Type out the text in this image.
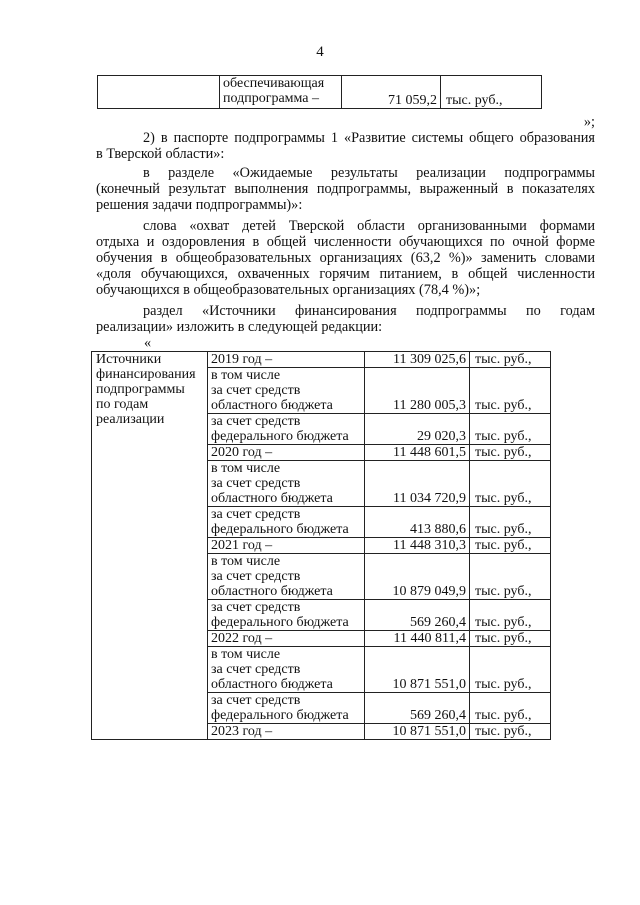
4

обеспечивающая
подпрограмма –	71 059,2	тыс. руб.,
»;
2) в паспорте подпрограммы 1 «Развитие системы общего образования
в Тверской области»:
в разделе «Ожидаемые результаты реализации подпрограммы
(конечный результат выполнения подпрограммы, выраженный в показателях
решения задачи подпрограммы)»:
слова «охват детей Тверской области организованными формами
отдыха и оздоровления в общей численности обучающихся по очной форме
обучения в общеобразовательных организациях (63,2 %)» заменить словами
«доля обучающихся, охваченных горячим питанием, в общей численности
обучающихся в общеобразовательных организациях (78,4 %)»;
раздел «Источники финансирования подпрограммы по годам
реализации» изложить в следующей редакции:
«
Источники
финансирования
подпрограммы
по годам
реализации	2019 год –	11 309 025,6	тыс. руб.,

	в том числе
за счет средств
областного бюджета	11 280 005,3	тыс. руб.,

	за счет средств
федерального бюджета	29 020,3	тыс. руб.,

	2020 год –	11 448 601,5	тыс. руб.,

	в том числе
за счет средств
областного бюджета	11 034 720,9	тыс. руб.,

	за счет средств
федерального бюджета	413 880,6	тыс. руб.,

	2021 год –	11 448 310,3	тыс. руб.,

	в том числе
за счет средств
областного бюджета	10 879 049,9	тыс. руб.,

	за счет средств
федерального бюджета	569 260,4	тыс. руб.,

	2022 год –	11 440 811,4	тыс. руб.,

	в том числе
за счет средств
областного бюджета	10 871 551,0	тыс. руб.,

	за счет средств
федерального бюджета	569 260,4	тыс. руб.,

	2023 год –	10 871 551,0	тыс. руб.,
